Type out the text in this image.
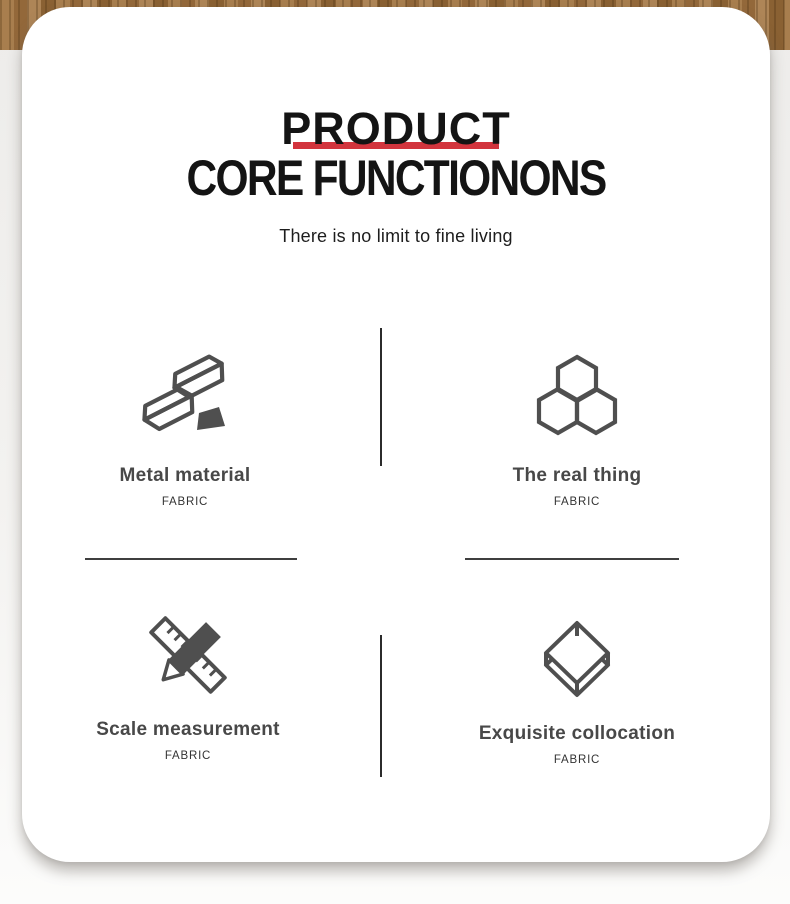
PRODUCT
CORE FUNCTIONONS
There is no limit to fine living
Metal material
FABRIC
The real thing
FABRIC
Scale measurement
FABRIC
Exquisite collocation
FABRIC
